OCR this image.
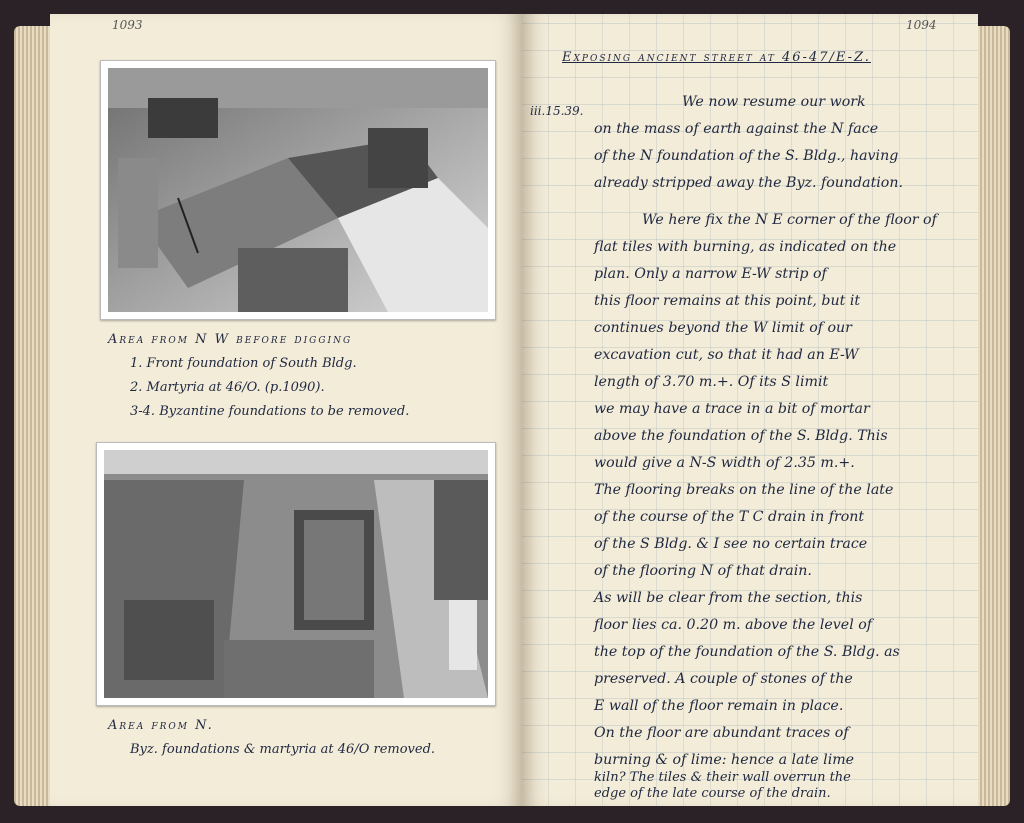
1093
Area from N W before digging
1. Front foundation of South Bldg.
2. Martyria at 46/O. (p.1090).
3-4. Byzantine foundations to be removed.
Area from N.
Byz. foundations & martyria at 46/O removed.
1094
Exposing ancient street at 46-47/E-Z.
iii.15.39.
We now resume our work
on the mass of earth against the N face
of the N foundation of the S. Bldg., having
already stripped away the Byz. foundation.
We here fix the N E corner of the floor of
flat tiles with burning, as indicated on the
plan. Only a narrow E-W strip of
this floor remains at this point, but it
continues beyond the W limit of our
excavation cut, so that it had an E-W
length of 3.70 m.+. Of its S limit
we may have a trace in a bit of mortar
above the foundation of the S. Bldg. This
would give a N-S width of 2.35 m.+.
The flooring breaks on the line of the late
of the course of the T C drain in front
of the S Bldg. & I see no certain trace
of the flooring N of that drain.
As will be clear from the section, this
floor lies ca. 0.20 m. above the level of
the top of the foundation of the S. Bldg. as
preserved. A couple of stones of the
E wall of the floor remain in place.
On the floor are abundant traces of
burning & of lime: hence a late lime
kiln? The tiles & their wall overrun the
edge of the late course of the drain.
